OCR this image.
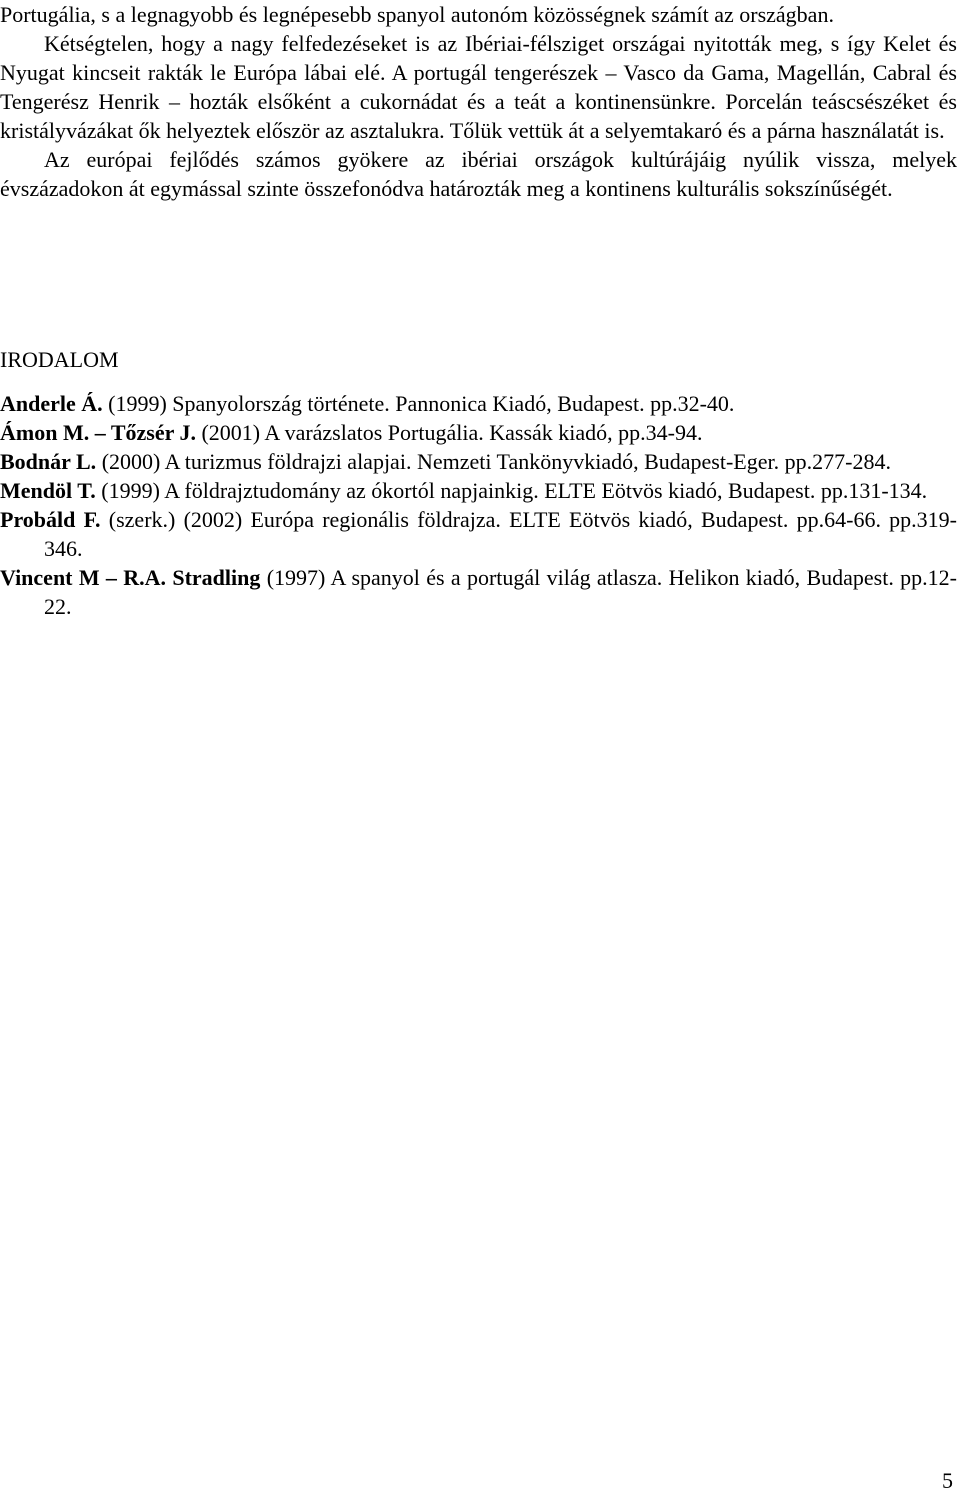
Portugália, s a legnagyobb és legnépesebb spanyol autonóm közösségnek számít az országban.

Kétségtelen, hogy a nagy felfedezéseket is az Ibériai-félsziget országai nyitották meg, s így Kelet és Nyugat kincseit rakták le Európa lábai elé. A portugál tengerészek – Vasco da Gama, Magellán, Cabral és Tengerész Henrik – hozták elsőként a cukornádat és a teát a kontinensünkre. Porcelán teáscsészéket és kristályvázákat ők helyeztek először az asztalukra. Tőlük vettük át a selyemtakaró és a párna használatát is.

Az európai fejlődés számos gyökere az ibériai országok kultúrájáig nyúlik vissza, melyek évszázadokon át egymással szinte összefonódva határozták meg a kontinens kulturális sokszínűségét.

IRODALOM

Anderle Á. (1999) Spanyolország története. Pannonica Kiadó, Budapest. pp.32-40.

Ámon M. – Tőzsér J. (2001) A varázslatos Portugália. Kassák kiadó, pp.34-94.

Bodnár L. (2000) A turizmus földrajzi alapjai. Nemzeti Tankönyvkiadó, Budapest-Eger. pp.277-284.

Mendöl T. (1999) A földrajztudomány az ókortól napjainkig. ELTE Eötvös kiadó, Budapest. pp.131-134.

Probáld F. (szerk.) (2002) Európa regionális földrajza. ELTE Eötvös kiadó, Budapest. pp.64-66. pp.319-346.

Vincent M – R.A. Stradling (1997) A spanyol és a portugál világ atlasza. Helikon kiadó, Budapest. pp.12-22.

5
